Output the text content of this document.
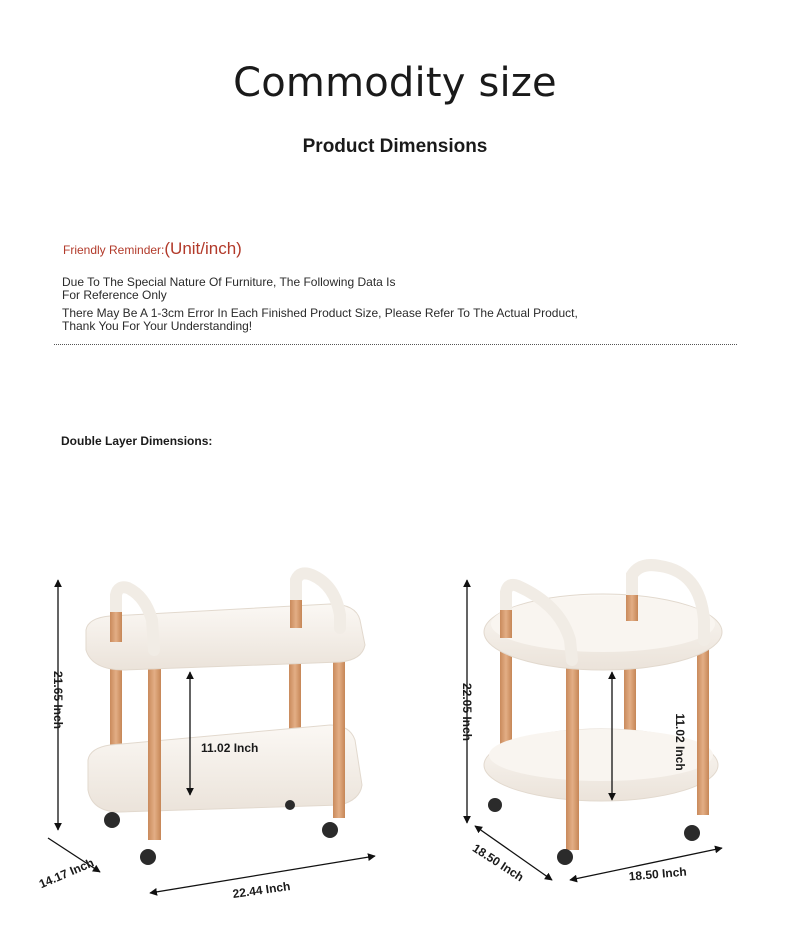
Commodity size
Product Dimensions
Friendly Reminder:(Unit/inch)
Due To The Special Nature Of Furniture, The Following Data Is
For Reference Only
There May Be A 1-3cm Error In Each Finished Product Size, Please Refer To The Actual Product,
Thank You For Your Understanding!
Double Layer Dimensions:
21.65 Inch
11.02 Inch
22.44 Inch
14.17 Inch
22.05 Inch
11.02 Inch
18.50 Inch	18.50 Inch
